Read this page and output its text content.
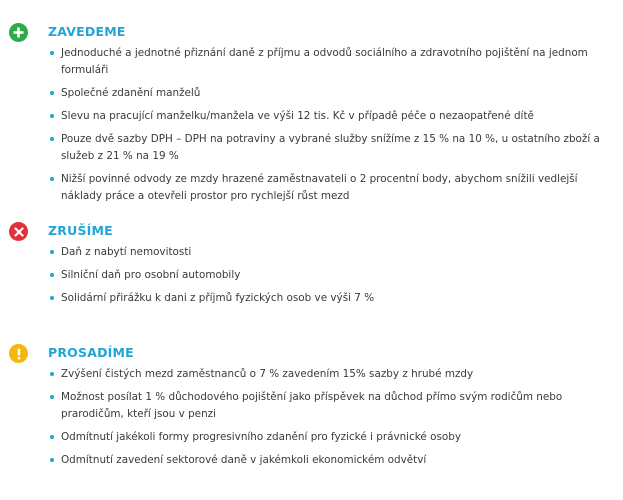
ZAVEDEME
Jednoduché a jednotné přiznání daně z příjmu a odvodů sociálního a zdravotního pojištění na jednom formuláři
Společné zdanění manželů
Slevu na pracující manželku/manžela ve výši 12 tis. Kč v případě péče o nezaopatřené dítě
Pouze dvě sazby DPH – DPH na potraviny a vybrané služby snížíme z 15 % na 10 %, u ostatního zboží a služeb z 21 % na 19 %
Nižší povinné odvody ze mzdy hrazené zaměstnavateli o 2 procentní body, abychom snížili vedlejší náklady práce a otevřeli prostor pro rychlejší růst mezd
ZRUŠÍME
Daň z nabytí nemovitosti
Silniční daň pro osobní automobily
Solidární přirážku k dani z příjmů fyzických osob ve výši 7 %
PROSADÍME
Zvýšení čistých mezd zaměstnanců o 7 % zavedením 15% sazby z hrubé mzdy
Možnost posílat 1 % důchodového pojištění jako příspěvek na důchod přímo svým rodičům nebo prarodičům, kteří jsou v penzi
Odmítnutí jakékoli formy progresivního zdanění pro fyzické i právnické osoby
Odmítnutí zavedení sektorové daně v jakémkoli ekonomickém odvětví
